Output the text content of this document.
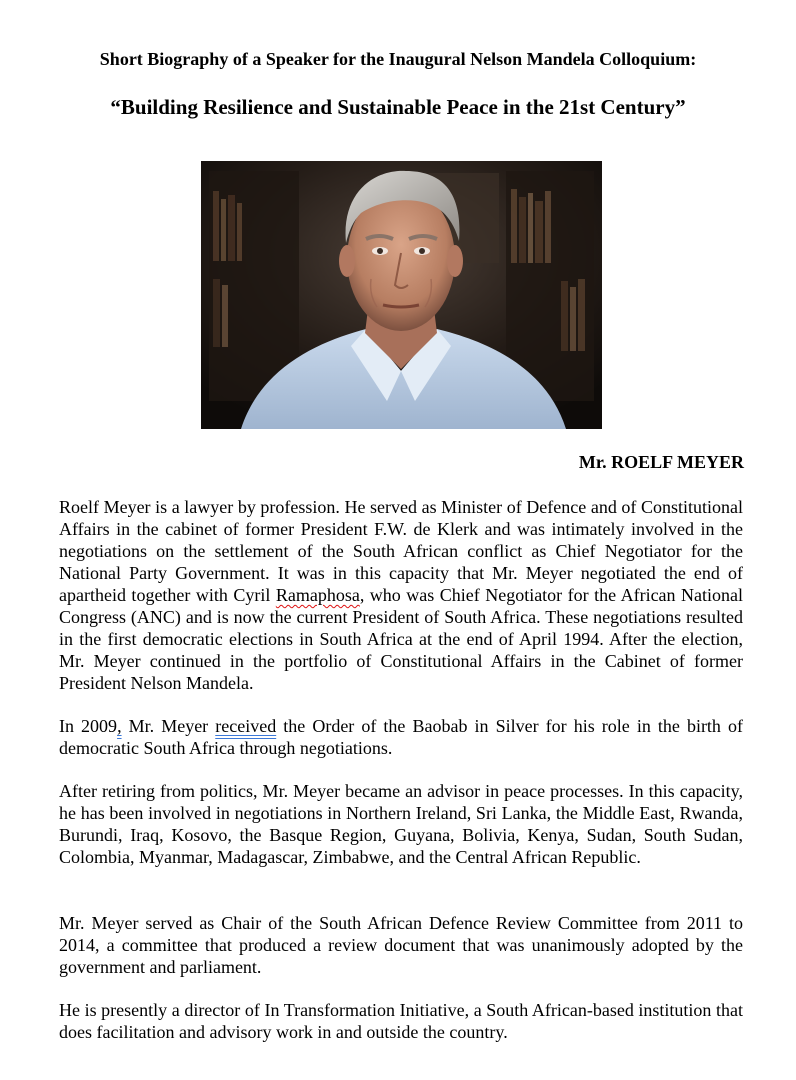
Short Biography of a Speaker for the Inaugural Nelson Mandela Colloquium:
“Building Resilience and Sustainable Peace in the 21st Century”
Mr. ROELF MEYER

Roelf Meyer is a lawyer by profession. He served as Minister of Defence and of Constitutional Affairs in the cabinet of former President F.W. de Klerk and was intimately involved in the negotiations on the settlement of the South African conflict as Chief Negotiator for the National Party Government. It was in this capacity that Mr. Meyer negotiated the end of apartheid together with Cyril Ramaphosa, who was Chief Negotiator for the African National Congress (ANC) and is now the current President of South Africa. These negotiations resulted in the first democratic elections in South Africa at the end of April 1994. After the election, Mr. Meyer continued in the portfolio of Constitutional Affairs in the Cabinet of former President Nelson Mandela.

In 2009, Mr. Meyer received the Order of the Baobab in Silver for his role in the birth of democratic South Africa through negotiations.

After retiring from politics, Mr. Meyer became an advisor in peace processes. In this capacity, he has been involved in negotiations in Northern Ireland, Sri Lanka, the Middle East, Rwanda, Burundi, Iraq, Kosovo, the Basque Region, Guyana, Bolivia, Kenya, Sudan, South Sudan, Colombia, Myanmar, Madagascar, Zimbabwe, and the Central African Republic.

Mr. Meyer served as Chair of the South African Defence Review Committee from 2011 to 2014, a committee that produced a review document that was unanimously adopted by the government and parliament.

He is presently a director of In Transformation Initiative, a South African-based institution that does facilitation and advisory work in and outside the country.
